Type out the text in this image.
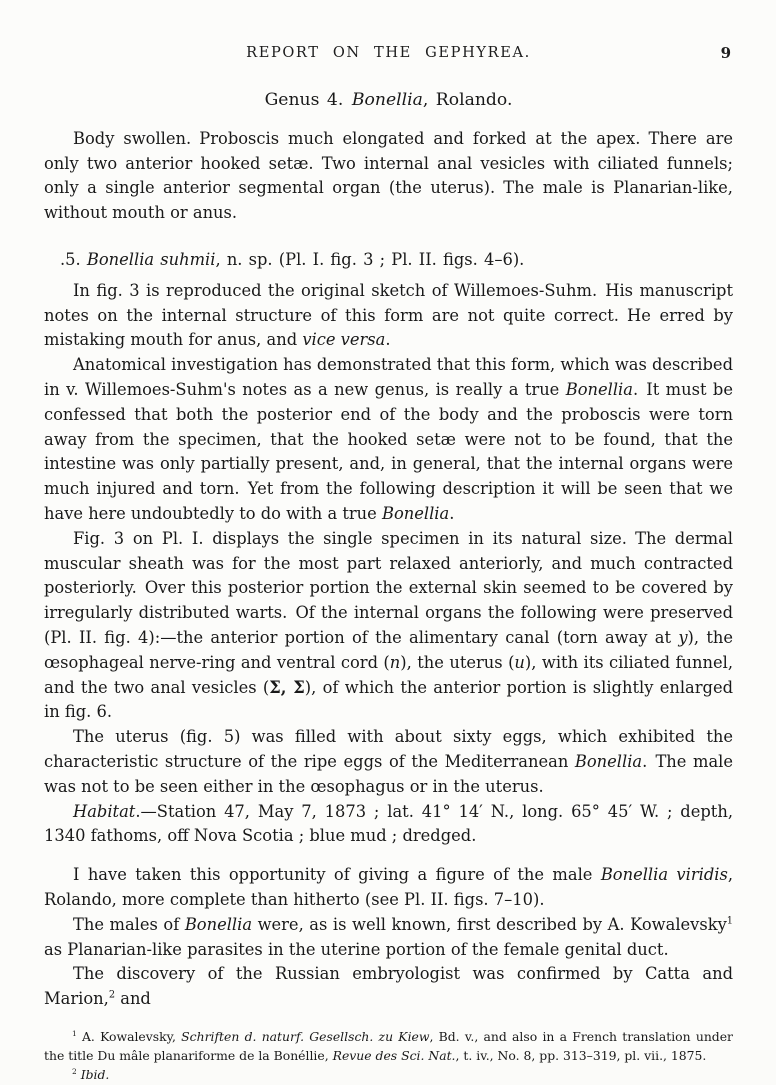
REPORT ON THE GEPHYREA.	9

Genus 4. Bonellia, Rolando.

Body swollen. Proboscis much elongated and forked at the apex. There are only two anterior hooked setæ. Two internal anal vesicles with ciliated funnels; only a single anterior segmental organ (the uterus). The male is Planarian-like, without mouth or anus.

.5. Bonellia suhmii, n. sp. (Pl. I. fig. 3 ; Pl. II. figs. 4–6).

In fig. 3 is reproduced the original sketch of Willemoes-Suhm. His manuscript notes on the internal structure of this form are not quite correct. He erred by mistaking mouth for anus, and vice versa.

Anatomical investigation has demonstrated that this form, which was described in v. Willemoes-Suhm's notes as a new genus, is really a true Bonellia. It must be confessed that both the posterior end of the body and the proboscis were torn away from the specimen, that the hooked setæ were not to be found, that the intestine was only partially present, and, in general, that the internal organs were much injured and torn. Yet from the following description it will be seen that we have here undoubtedly to do with a true Bonellia.

Fig. 3 on Pl. I. displays the single specimen in its natural size. The dermal muscular sheath was for the most part relaxed anteriorly, and much contracted posteriorly. Over this posterior portion the external skin seemed to be covered by irregularly distributed warts. Of the internal organs the following were preserved (Pl. II. fig. 4):—the anterior portion of the alimentary canal (torn away at y), the œsophageal nerve-ring and ventral cord (n), the uterus (u), with its ciliated funnel, and the two anal vesicles (Σ, Σ), of which the anterior portion is slightly enlarged in fig. 6.

The uterus (fig. 5) was filled with about sixty eggs, which exhibited the characteristic structure of the ripe eggs of the Mediterranean Bonellia. The male was not to be seen either in the œsophagus or in the uterus.

Habitat.—Station 47, May 7, 1873 ; lat. 41° 14′ N., long. 65° 45′ W. ; depth, 1340 fathoms, off Nova Scotia ; blue mud ; dredged.

I have taken this opportunity of giving a figure of the male Bonellia viridis, Rolando, more complete than hitherto (see Pl. II. figs. 7–10).

The males of Bonellia were, as is well known, first described by A. Kowalevsky$^1$ as Planarian-like parasites in the uterine portion of the female genital duct.

The discovery of the Russian embryologist was confirmed by Catta and Marion,$^2$ and

$^1$ A. Kowalevsky, Schriften d. naturf. Gesellsch. zu Kiew, Bd. v., and also in a French translation under the title Du mâle planariforme de la Bonéllie, Revue des Sci. Nat., t. iv., No. 8, pp. 313–319, pl. vii., 1875.

$^2$ Ibid.
